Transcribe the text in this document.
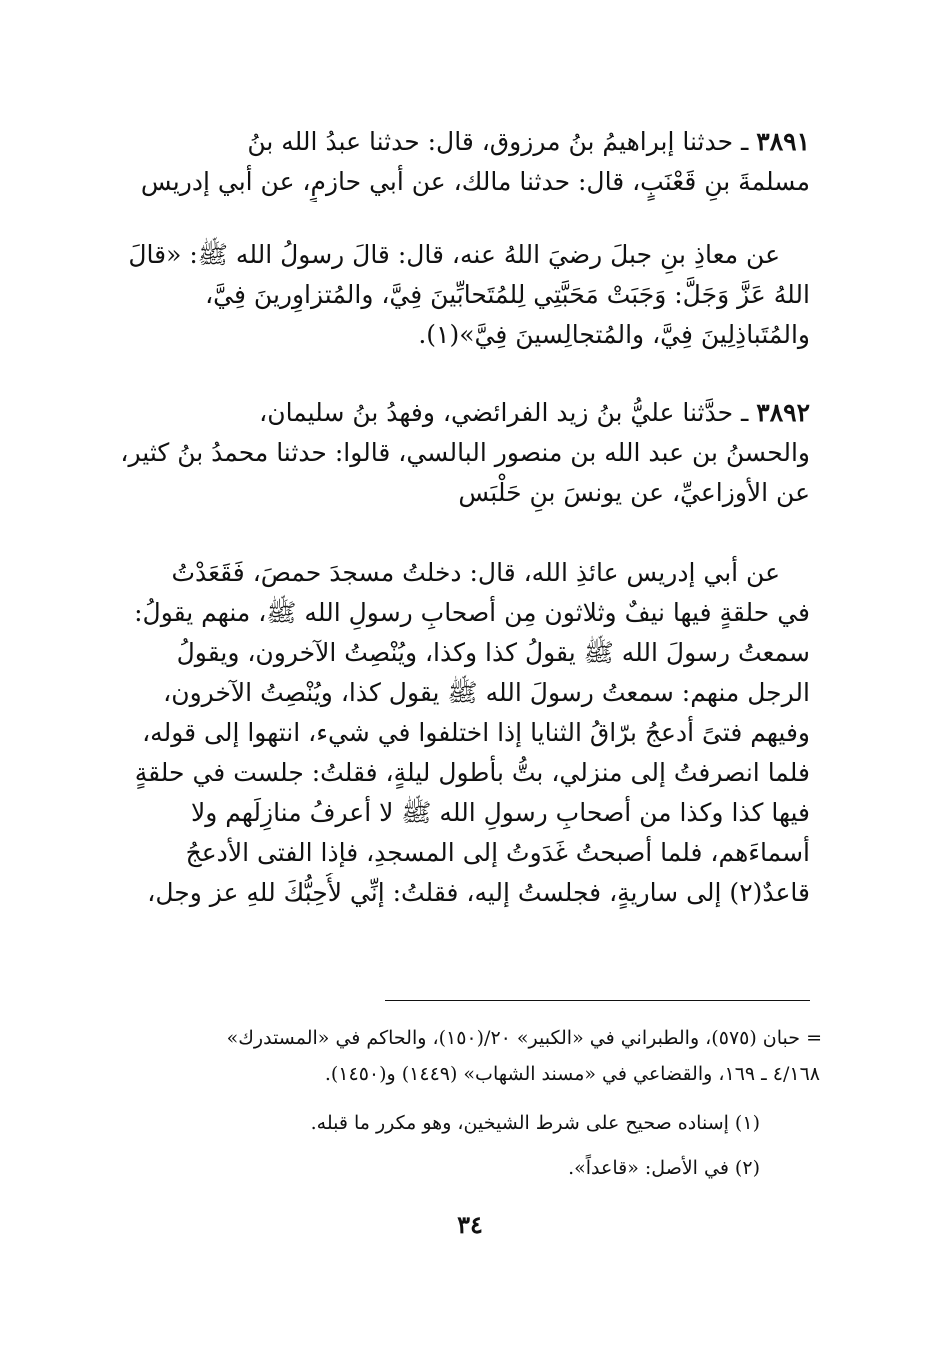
٣٨٩١ ـ حدثنا إبراهيمُ بنُ مرزوق، قال: حدثنا عبدُ الله بنُ
مسلمةَ بنِ قَعْنَبٍ، قال: حدثنا مالك، عن أبي حازمٍ، عن أبي إدريس

عن معاذِ بنِ جبلَ رضيَ اللهُ عنه، قال: قالَ رسولُ الله ﷺ: «قالَ
اللهُ عَزَّ وَجَلَّ: وَجَبَتْ مَحَبَّتِي لِلمُتَحابِّينَ فِيَّ، والمُتزاوِرينَ فِيَّ،
والمُتَباذِلِينَ فِيَّ، والمُتجالِسينَ فِيَّ»(١).

٣٨٩٢ ـ حدَّثنا عليُّ بنُ زيد الفرائضي، وفهدُ بنُ سليمان،
والحسنُ بن عبد الله بن منصور البالسي، قالوا: حدثنا محمدُ بنُ كثير،
عن الأوزاعيِّ، عن يونسَ بنِ حَلْبَس

عن أبي إدريس عائذِ الله، قال: دخلتُ مسجدَ حمصَ، فَقَعَدْتُ
في حلقةٍ فيها نيفٌ وثلاثون مِن أصحابِ رسولِ الله ﷺ، منهم يقولُ:
سمعتُ رسولَ الله ﷺ يقولُ كذا وكذا، ويُنْصِتُ الآخرون، ويقولُ
الرجل منهم: سمعتُ رسولَ الله ﷺ يقول كذا، ويُنْصِتُ الآخرون،
وفيهم فتىً أدعجُ برّاقُ الثنايا إذا اختلفوا في شيء، انتهوا إلى قوله،
فلما انصرفتُ إلى منزلي، بتُّ بأطول ليلةٍ، فقلتُ: جلست في حلقةٍ
فيها كذا وكذا من أصحابِ رسولِ الله ﷺ لا أعرفُ منازِلَهم ولا
أسماءَهم، فلما أصبحتُ غَدَوتُ إلى المسجدِ، فإذا الفتى الأدعجُ
قاعدٌ(٢) إلى ساريةٍ، فجلستُ إليه، فقلتُ: إنِّي لأُحِبُّكَ للهِ عز وجل،

= حبان (٥٧٥)، والطبراني في «الكبير» ٢٠/(١٥٠)، والحاكم في «المستدرك»
٤/١٦٨ ـ ١٦٩، والقضاعي في «مسند الشهاب» (١٤٤٩) و(١٤٥٠).
(١) إسناده صحيح على شرط الشيخين، وهو مكرر ما قبله.
(٢) في الأصل: «قاعداً».
٣٤
